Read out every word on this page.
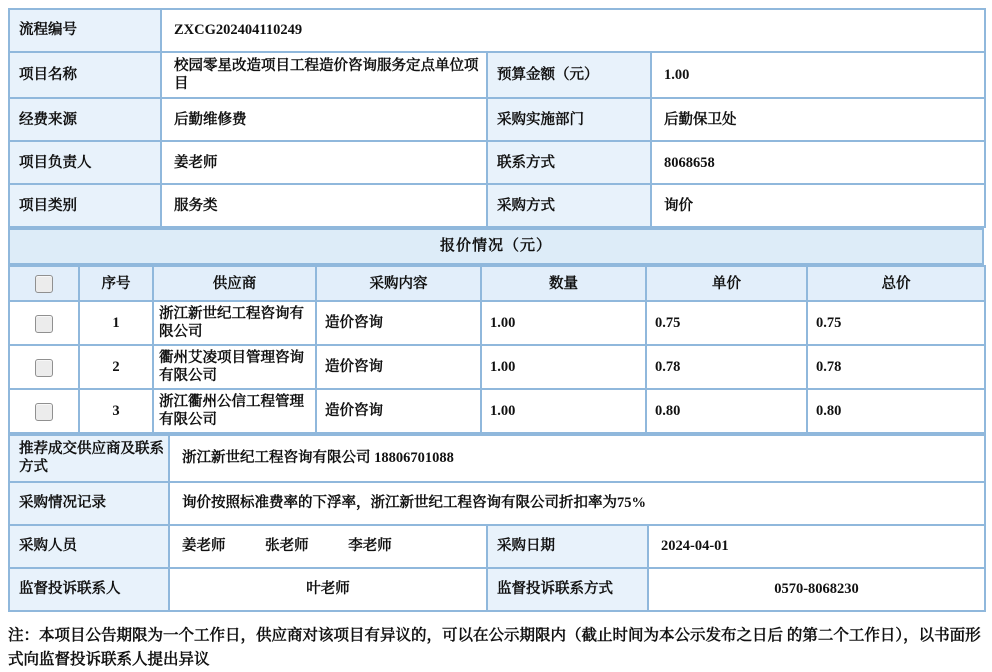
流程编号	ZXCG202404110249		
项目名称	校园零星改造项目工程造价咨询服务定点单位项目	预算金额（元）	1.00
经费来源	后勤维修费	采购实施部门	后勤保卫处
项目负责人	姜老师	联系方式	8068658
项目类别	服务类	采购方式	询价
报价情况（元）
	序号	供应商	采购内容	数量	单价	总价
	1	浙江新世纪工程咨询有限公司	造价咨询	1.00	0.75	0.75
	2	衢州艾凌项目管理咨询有限公司	造价咨询	1.00	0.78	0.78
	3	浙江衢州公信工程管理有限公司	造价咨询	1.00	0.80	0.80
推荐成交供应商及联系方式	浙江新世纪工程咨询有限公司 18806701088		
采购情况记录	询价按照标准费率的下浮率，浙江新世纪工程咨询有限公司折扣率为75%		
采购人员	姜老师 张老师 李老师	采购日期	2024-04-01
监督投诉联系人	叶老师	监督投诉联系方式	0570-8068230

注：本项目公告期限为一个工作日，供应商对该项目有异议的，可以在公示期限内（截止时间为本公示发布之日后 的第二个工作日），以书面形式向监督投诉联系人提出异议
